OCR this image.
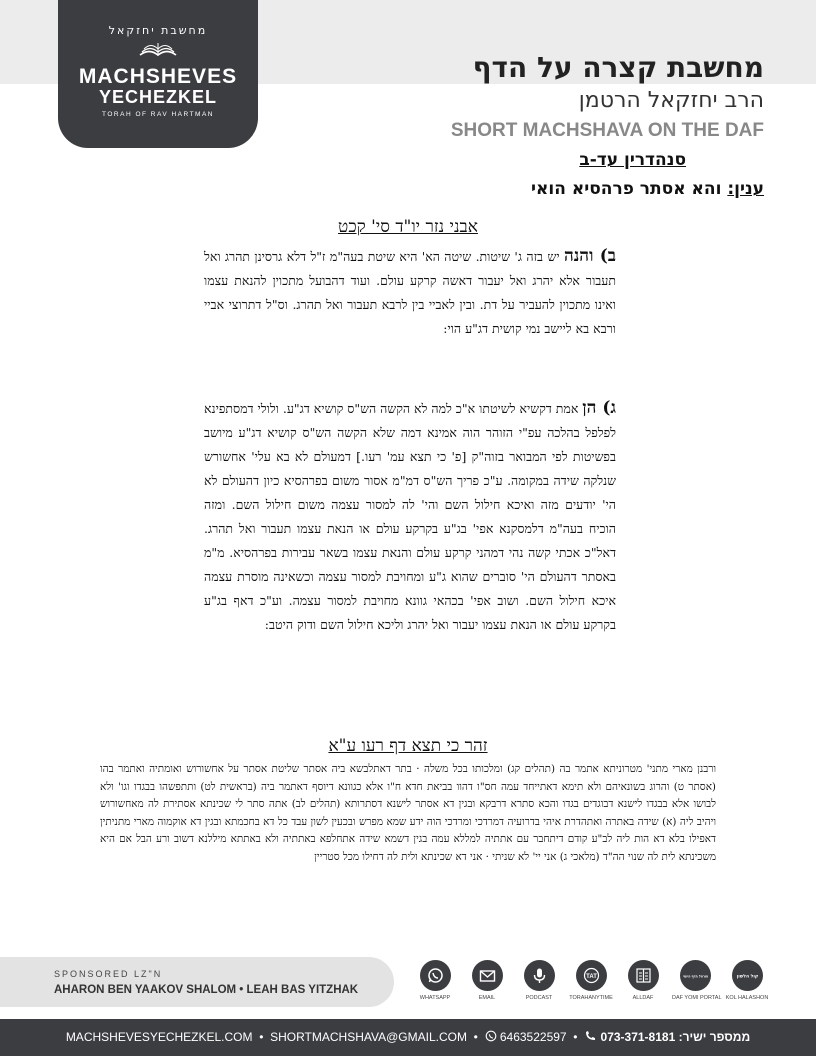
מחשבת יחזקאל
MACHSHEVES
YECHEZKEL
TORAH OF RAV HARTMAN
מחשבת קצרה על הדף
הרב יחזקאל הרטמן
SHORT MACHSHAVA ON THE DAF
סנהדרין עד-ב
ענין: והא אסתר פרהסיא הואי
אבני נזר יו"ד סי' קכט
ב) והנה יש בזה ג' שיטות. שיטה הא' היא שיטת בעה"מ ז"ל דלא גרסינן תהרג ואל תעבור אלא יהרג ואל יעבור דאשה קרקע עולם. ועוד דהבועל מתכוין להנאת עצמו ואינו מתכוין להעביר על דת. ובין לאביי בין לרבא תעבור ואל תהרג. וס"ל דתרוצי אביי ורבא בא ליישב נמי קושית דג"ע הוי:
ג) הן אמת דקשיא לשיטתו א"כ למה לא הקשה הש"ס קושיא דג"ע. ולולי דמסתפינא לפלפל בהלכה עפ"י הזוהר הוה אמינא דמה שלא הקשה הש"ס קושיא דג"ע מיושב בפשיטות לפי המבואר בזוה"ק [פ' כי תצא עמ' רעו.] דמעולם לא בא עלי' אחשורש שנלקה שידה במקומה. ע"כ פריך הש"ס דמ"מ אסור משום בפרהסיא כיון דהעולם לא הי' יודעים מזה ואיכא חילול השם והי' לה למסור עצמה משום חילול השם. ומזה הוכיח בעה"מ דלמסקנא אפי' בג"ע בקרקע עולם או הנאת עצמו תעבור ואל תהרג. דאל"כ אכתי קשה נהי דמהני קרקע עולם והנאת עצמו בשאר עבירות בפרהסיא. מ"מ באסתר דהעולם הי' סוברים שהוא ג"ע ומחויבת למסור עצמה וכשאינה מוסרת עצמה איכא חילול השם. ושוב אפי' בכהאי גוונא מחויבת למסור עצמה. וע"כ דאף בג"ע בקרקע עולם או הנאת עצמו יעבור ואל יהרג וליכא חילול השם ודוק היטב:
זהר כי תצא דף רעו ע"א
ורבנן מארי מתני' מטרוניתא אתמר בה (תהלים קג) ומלכותו בכל משלה · בתר דאתלבשא ביה אסתר שליטת אסתר על אחשורוש ואומתיה ואתמר בהו (אסתר ט) והרוג בשונאיהם ולא תימא דאתייחד עמה חס"ו דהוו בביאת חדא ח"ו אלא כגוונא דיוסף דאתמר ביה (בראשית לט) ותתפשהו בבגדו וגו' ולא לבושו אלא בבגדו לישנא דבוגדים בגדו והכא סתרא דרבקא ובגין דא אסתר לישנא דסתרותא (תהלים לב) אתה סתר לי שכינתא אסתירת לה מאחשורוש ויהיב ליה (א) שידה באתרה ואתהדרת איהי בדרועיה דמרדכי ומרדכי הוה ידע שמא מפרש ובכעין לשון עבד כל דא בחכמתא ובגין דא אוקמוה מארי מתניתין דאפילו בלא דא הות ליה לב"ע קודם דיתחבר עם אתתיה למללא עמה בגין דשמא שידה אתחלפא באתתיה ולא באתתא מיללנא דשוב ורע הבל אם היא משכינתא לית לה שנוי הה"ד (מלאכי ג) אני יי' לא שניתי · אני דא שכינתא ולית לה דחילו מכל סטריין
SPONSORED LZ"N
AHARON BEN YAAKOV SHALOM • LEAH BAS YITZHAK
WHATSAPP	EMAIL	PODCAST
TAT
TORAHANYTIME	ALLDAF
פורטל הדף היומי
DAF YOMI PORTAL
קול הלשון
KOL HALASHON
MACHSHEVESYECHEZKEL.COM  •  SHORTMACHSHAVA@GMAIL.COM  •   6463522597  •   073-371-8181 :ממספר ישיר
